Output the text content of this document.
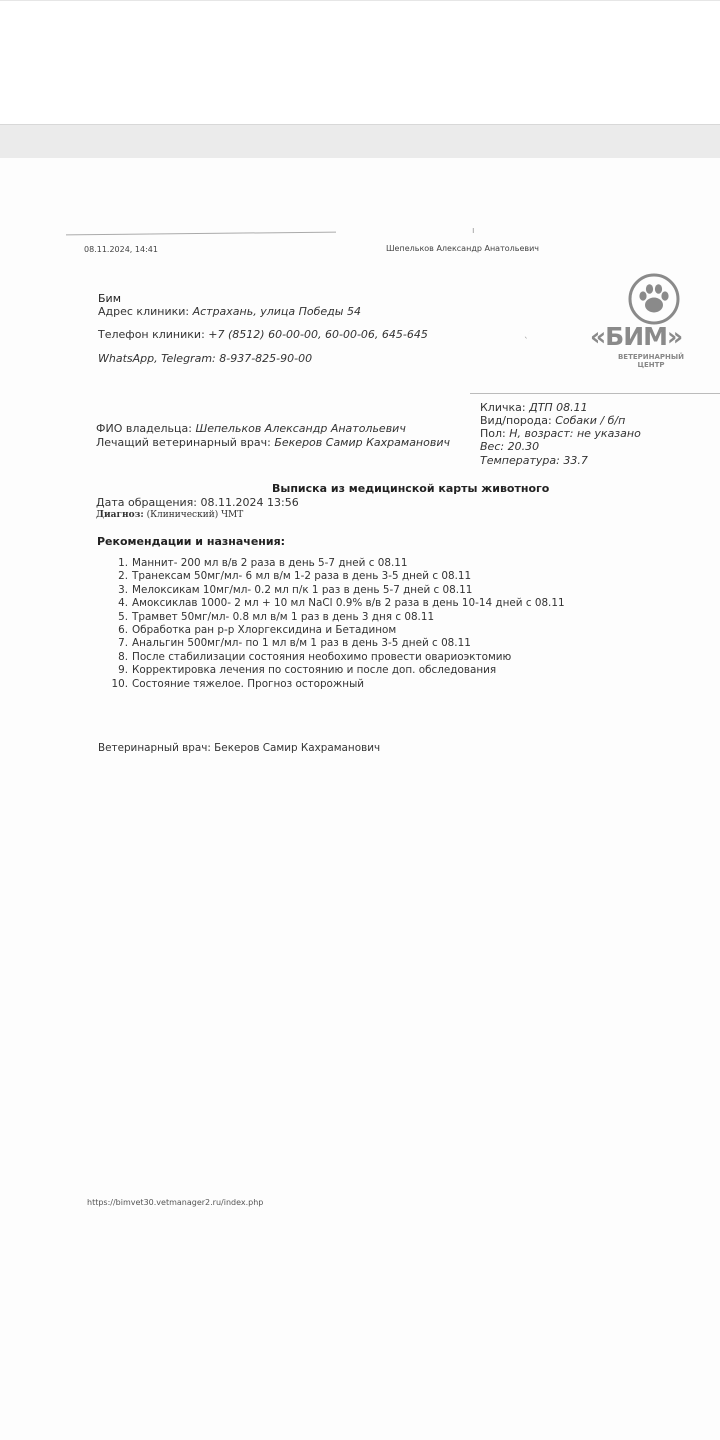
ı
`
08.11.2024, 14:41	Шепельков Александр Анатольевич
Бим
Адрес клиники: Астрахань, улица Победы 54
Телефон клиники: +7 (8512) 60-00-00, 60-00-06, 645-645
WhatsApp, Telegram: 8-937-825-90-00
«БИМ»
ВЕТЕРИНАРНЫЙ
ЦЕНТР
Кличка: ДТП 08.11
Вид/порода: Собаки / б/п
Пол: Н, возраст: не указано
Вес: 20.30
Температура: 33.7
ФИО владельца: Шепельков Александр Анатольевич
Лечащий ветеринарный врач: Бекеров Самир Кахраманович
Выписка из медицинской карты животного
Дата обращения: 08.11.2024 13:56
Диагноз: (Клинический) ЧМТ
Рекомендации и назначения:
1. Маннит- 200 мл в/в 2 раза в день 5-7 дней с 08.11
2. Транексам 50мг/мл- 6 мл в/м 1-2 раза в день 3-5 дней с 08.11
3. Мелоксикам 10мг/мл- 0.2 мл п/к 1 раз в день 5-7 дней с 08.11
4. Амоксиклав 1000- 2 мл + 10 мл NaCl 0.9% в/в 2 раза в день 10-14 дней с 08.11
5. Трамвет 50мг/мл- 0.8 мл в/м 1 раз в день 3 дня с 08.11
6. Обработка ран р-р Хлоргексидина и Бетадином
7. Анальгин 500мг/мл- по 1 мл в/м 1 раз в день 3-5 дней с 08.11
8. После стабилизации состояния необохимо провести овариоэктомию
9. Корректировка лечения по состоянию и после доп. обследования
10. Состояние тяжелое. Прогноз осторожный
Ветеринарный врач: Бекеров Самир Кахраманович
https://bimvet30.vetmanager2.ru/index.php
